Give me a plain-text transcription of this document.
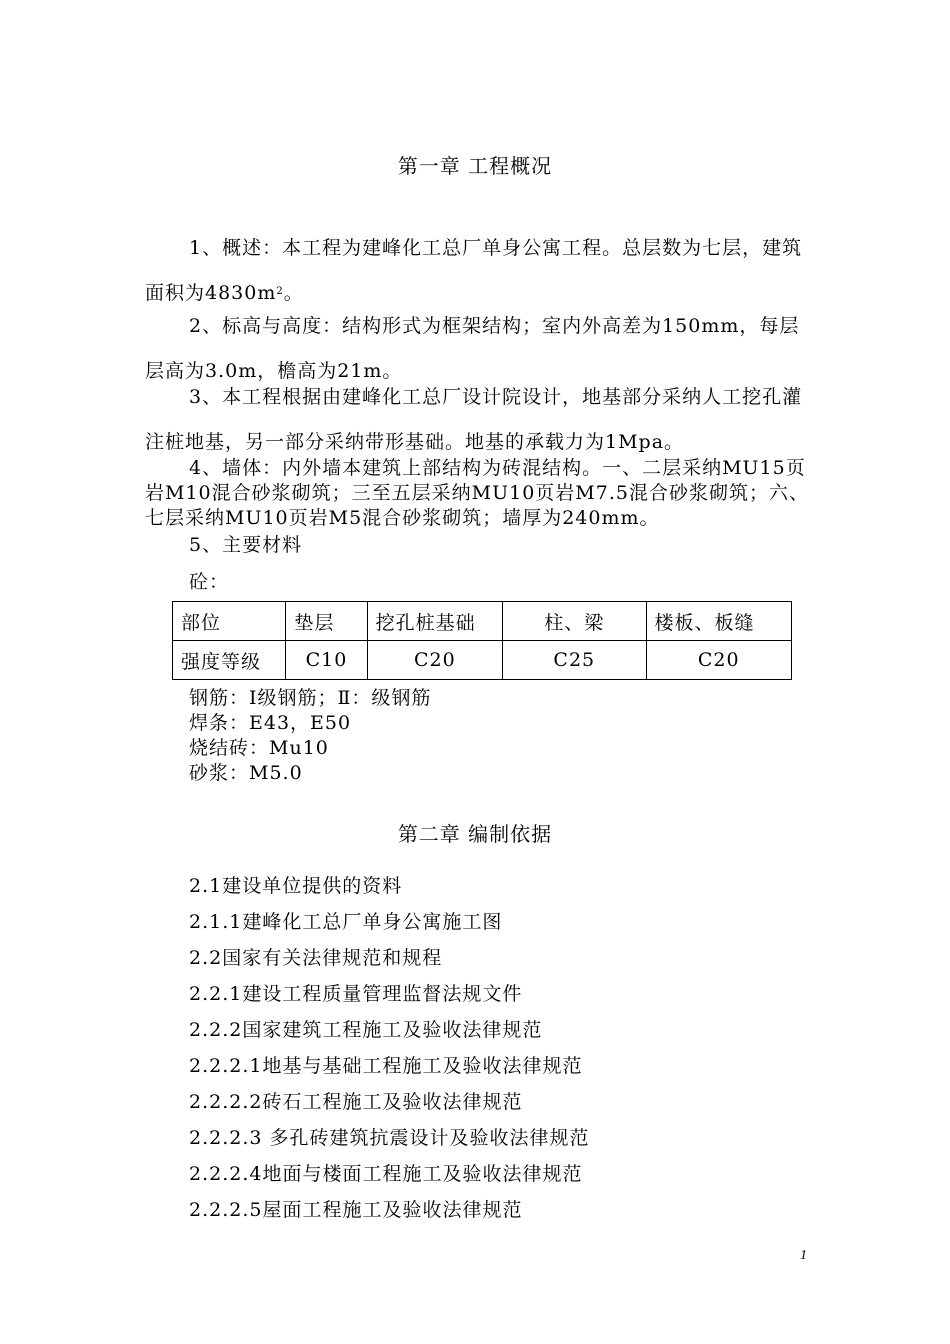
第一章 工程概况

1、概述：本工程为建峰化工总厂单身公寓工程。总层数为七层，建筑面积为$4830m^2$。

2、标高与高度：结构形式为框架结构；室内外高差为150mm，每层层高为3.0m，檐高为21m。

3、本工程根据由建峰化工总厂设计院设计，地基部分采纳人工挖孔灌注桩地基，另一部分采纳带形基础。地基的承载力为1Mpa。

4、墙体：内外墙本建筑上部结构为砖混结构。一、二层采纳MU15页岩M10混合砂浆砌筑；三至五层采纳MU10页岩M7.5混合砂浆砌筑；六、七层采纳MU10页岩M5混合砂浆砌筑；墙厚为240mm。

5、主要材料
砼：
部位	垫层	挖孔桩基础	柱、梁	楼板、板缝
强度等级	C10	C20	C25	C20
钢筋：Ⅰ级钢筋；Ⅱ：级钢筋
焊条：E43，E50
烧结砖：Mu10
砂浆：M5.0
第二章 编制依据
2.1建设单位提供的资料
2.1.1建峰化工总厂单身公寓施工图
2.2国家有关法律规范和规程
2.2.1建设工程质量管理监督法规文件
2.2.2国家建筑工程施工及验收法律规范
2.2.2.1地基与基础工程施工及验收法律规范
2.2.2.2砖石工程施工及验收法律规范
2.2.2.3 多孔砖建筑抗震设计及验收法律规范
2.2.2.4地面与楼面工程施工及验收法律规范
2.2.2.5屋面工程施工及验收法律规范
1
